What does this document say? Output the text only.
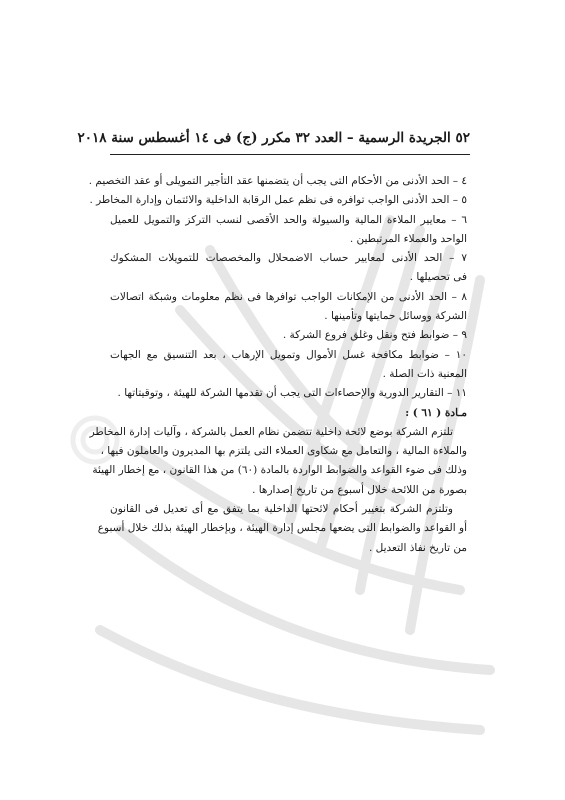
٥٢ الجريدة الرسمية – العدد ٣٢ مكرر (ج) فى ١٤ أغسطس سنة ٢٠١٨
٤ – الحد الأدنى من الأحكام التى يجب أن يتضمنها عقد التأجير التمويلى أو عقد التخصيم .
٥ – الحد الأدنى الواجب توافره فى نظم عمل الرقابة الداخلية والائتمان وإدارة المخاطر .
٦ – معايير الملاءة المالية والسيولة والحد الأقصى لنسب التركز والتمويل للعميل
الواحد والعملاء المرتبطين .
٧ – الحد الأدنى لمعايير حساب الاضمحلال والمخصصات للتمويلات المشكوك
فى تحصيلها .
٨ – الحد الأدنى من الإمكانات الواجب توافرها فى نظم معلومات وشبكة اتصالات
الشركة ووسائل حمايتها وتأمينها .
٩ – ضوابط فتح ونقل وغلق فروع الشركة .
١٠ – ضوابط مكافحة غسل الأموال وتمويل الإرهاب ، بعد التنسيق مع الجهات
المعنية ذات الصلة .
١١ – التقارير الدورية والإحصاءات التى يجب أن تقدمها الشركة للهيئة ، وتوقيتاتها .
مـادة ( ٦١ ) :
تلتزم الشركة بوضع لائحة داخلية تتضمن نظام العمل بالشركة ، وآليات إدارة المخاطر
والملاءة المالية ، والتعامل مع شكاوى العملاء التى يلتزم بها المديرون والعاملون فيها ،
وذلك فى ضوء القواعد والضوابط الواردة بالمادة (٦٠) من هذا القانون ، مع إخطار الهيئة
بصورة من اللائحة خلال أسبوع من تاريخ إصدارها .
وتلتزم الشركة بتغيير أحكام لائحتها الداخلية بما يتفق مع أى تعديل فى القانون
أو القواعد والضوابط التى يضعها مجلس إدارة الهيئة ، وبإخطار الهيئة بذلك خلال أسبوع
من تاريخ نفاذ التعديل .
